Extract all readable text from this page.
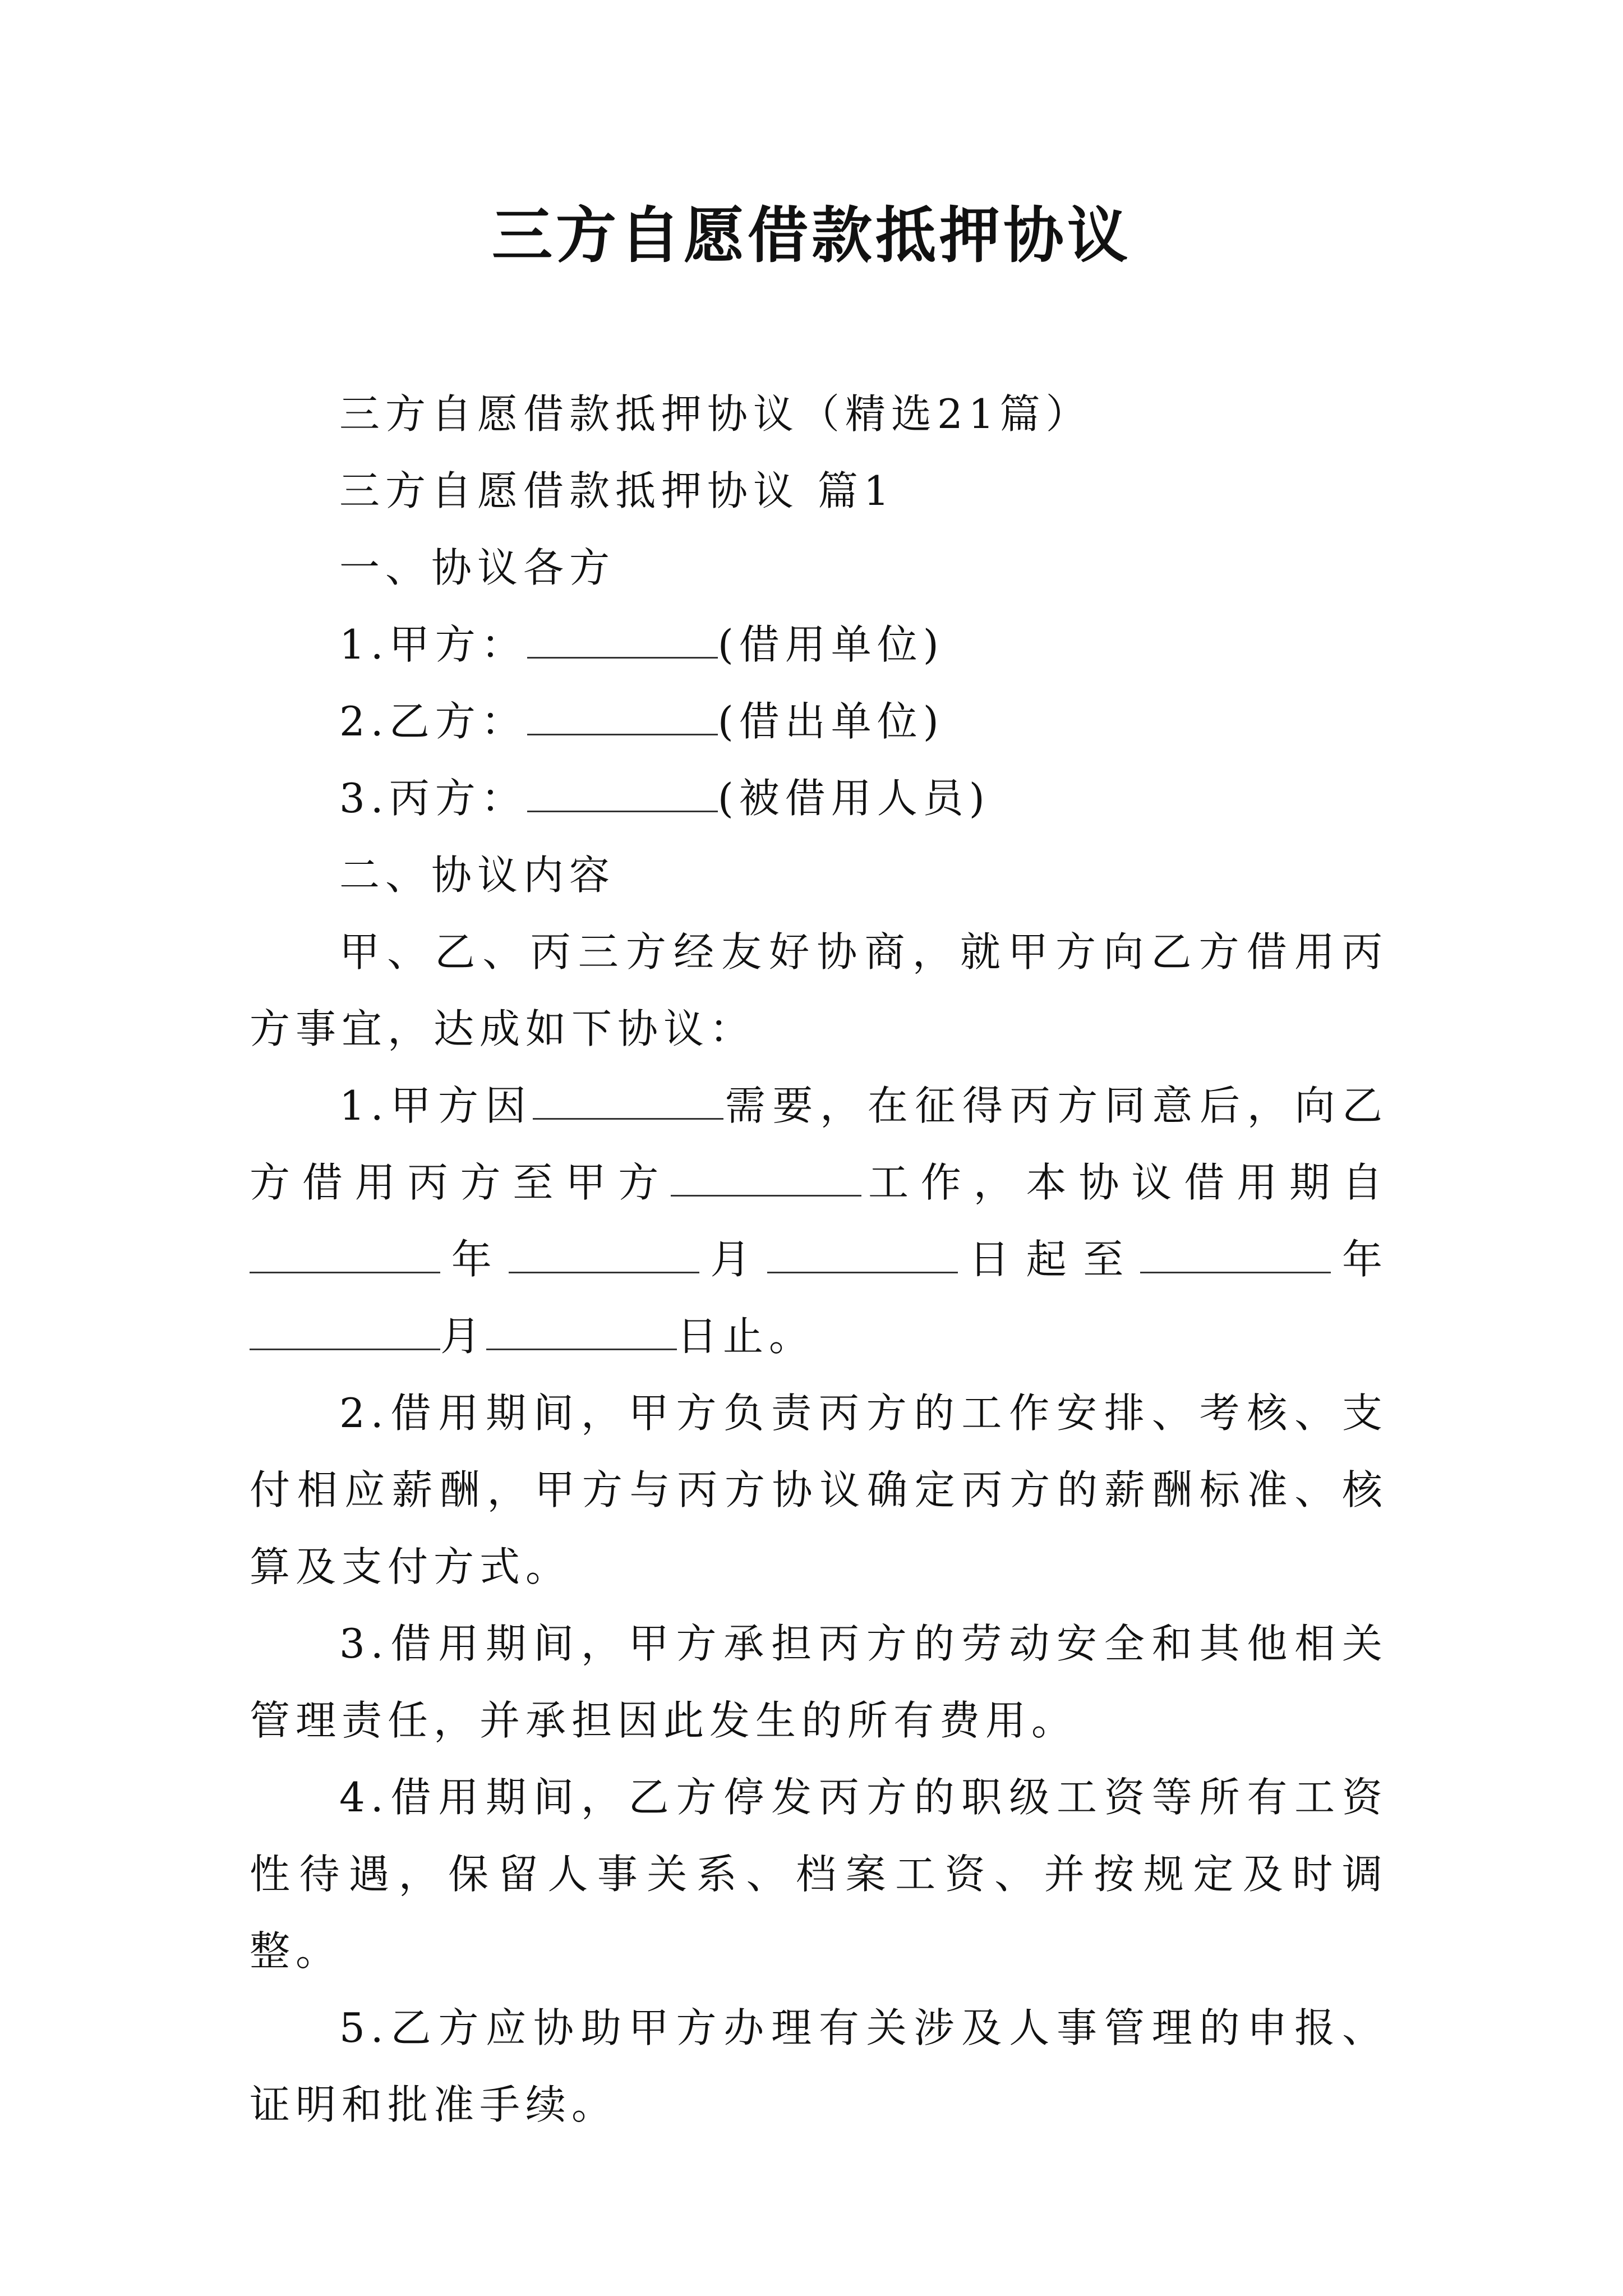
三方自愿借款抵押协议

三方自愿借款抵押协议（精选21篇）

三方自愿借款抵押协议 篇1

一、协议各方

1.甲方：	(借用单位)

2.乙方：	(借出单位)

3.丙方：	(被借用人员)

二、协议内容

甲、乙、丙三方经友好协商，就甲方向乙方借用丙方事宜，达成如下协议：

1.甲方因	需要，在征得丙方同意后，向乙方借用丙方至甲方	工作，本协议借用期自年	月	日起至	年月	日止。

2.借用期间，甲方负责丙方的工作安排、考核、支付相应薪酬，甲方与丙方协议确定丙方的薪酬标准、核算及支付方式。

3.借用期间，甲方承担丙方的劳动安全和其他相关管理责任，并承担因此发生的所有费用。

4.借用期间，乙方停发丙方的职级工资等所有工资性待遇，保留人事关系、档案工资、并按规定及时调整。

5.乙方应协助甲方办理有关涉及人事管理的申报、证明和批准手续。
